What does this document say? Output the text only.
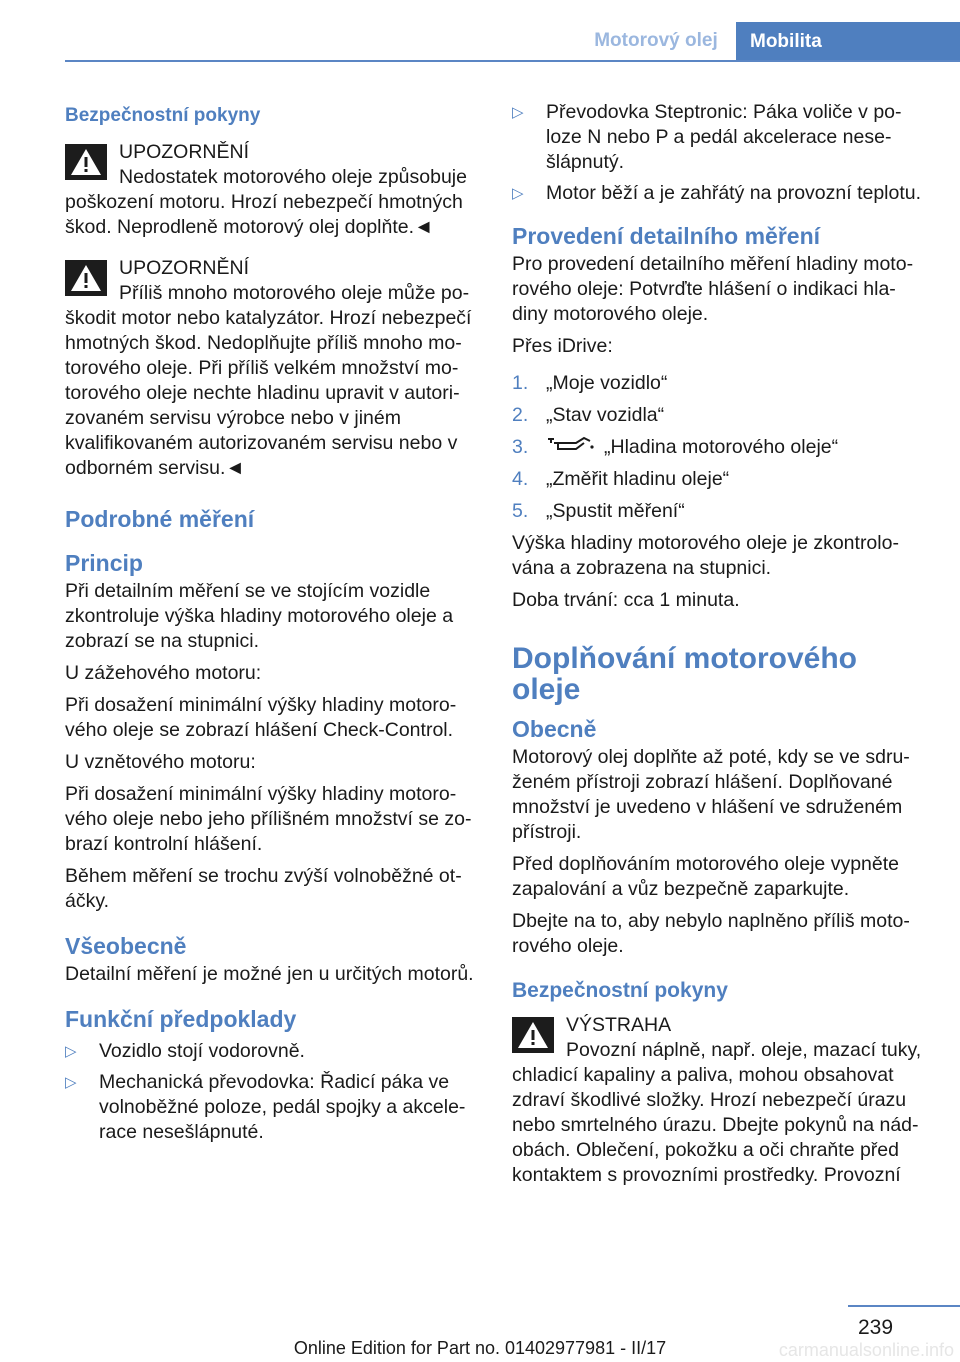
Motorový olej	Mobilita
Bezpečnostní pokyny

UPOZORNĚNÍ

Nedostatek motorového oleje způsobuje poškození motoru. Hrozí nebezpečí hmotných škod. Neprodleně motorový olej doplňte.◄

UPOZORNĚNÍ

Příliš mnoho motorového oleje může po‐škodit motor nebo katalyzátor. Hrozí nebezpečí hmotných škod. Nedoplňujte příliš mnoho mo‐torového oleje. Při příliš velkém množství mo‐torového oleje nechte hladinu upravit v autori‐zovaném servisu výrobce nebo v jiném kvalifikovaném autorizovaném servisu nebo v odborném servisu.◄

Podrobné měření
Princip

Při detailním měření se ve stojícím vozidle zkontroluje výška hladiny motorového oleje a zobrazí se na stupnici.

U zážehového motoru:

Při dosažení minimální výšky hladiny motoro‐vého oleje se zobrazí hlášení Check-Control.

U vznětového motoru:

Při dosažení minimální výšky hladiny motoro‐vého oleje nebo jeho přílišném množství se zo‐brazí kontrolní hlášení.

Během měření se trochu zvýší volnoběžné ot‐áčky.

Všeobecně

Detailní měření je možné jen u určitých motorů.

Funkční předpoklady
▷ Vozidlo stojí vodorovně.
▷ Mechanická převodovka: Řadicí páka ve volnoběžné poloze, pedál spojky a akcele‐race nesešlápnuté.
▷ Převodovka Steptronic: Páka voliče v po‐loze N nebo P a pedál akcelerace nese‐šlápnutý.
▷ Motor běží a je zahřátý na provozní teplotu.
Provedení detailního měření

Pro provedení detailního měření hladiny moto‐rového oleje: Potvrďte hlášení o indikaci hla‐diny motorového oleje.

Přes iDrive:

1. „Moje vozidlo“
2. „Stav vozidla“
3.	„Hladina motorového oleje“
4. „Změřit hladinu oleje“
5. „Spustit měření“

Výška hladiny motorového oleje je zkontrolo‐vána a zobrazena na stupnici.

Doba trvání: cca 1 minuta.

Doplňování motorového oleje
Obecně

Motorový olej doplňte až poté, kdy se ve sdru‐ženém přístroji zobrazí hlášení. Doplňované množství je uvedeno v hlášení ve sdruženém přístroji.

Před doplňováním motorového oleje vypněte zapalování a vůz bezpečně zaparkujte.

Dbejte na to, aby nebylo naplněno příliš moto‐rového oleje.

Bezpečnostní pokyny

VÝSTRAHA

Povozní náplně, např. oleje, mazací tuky, chladicí kapaliny a paliva, mohou obsahovat zdraví škodlivé složky. Hrozí nebezpečí úrazu nebo smrtelného úrazu. Dbejte pokynů na nád‐obách. Oblečení, pokožku a oči chraňte před kontaktem s provozními prostředky. Provozní

239
Online Edition for Part no. 01402977981 - II/17	carmanualsonline.info
